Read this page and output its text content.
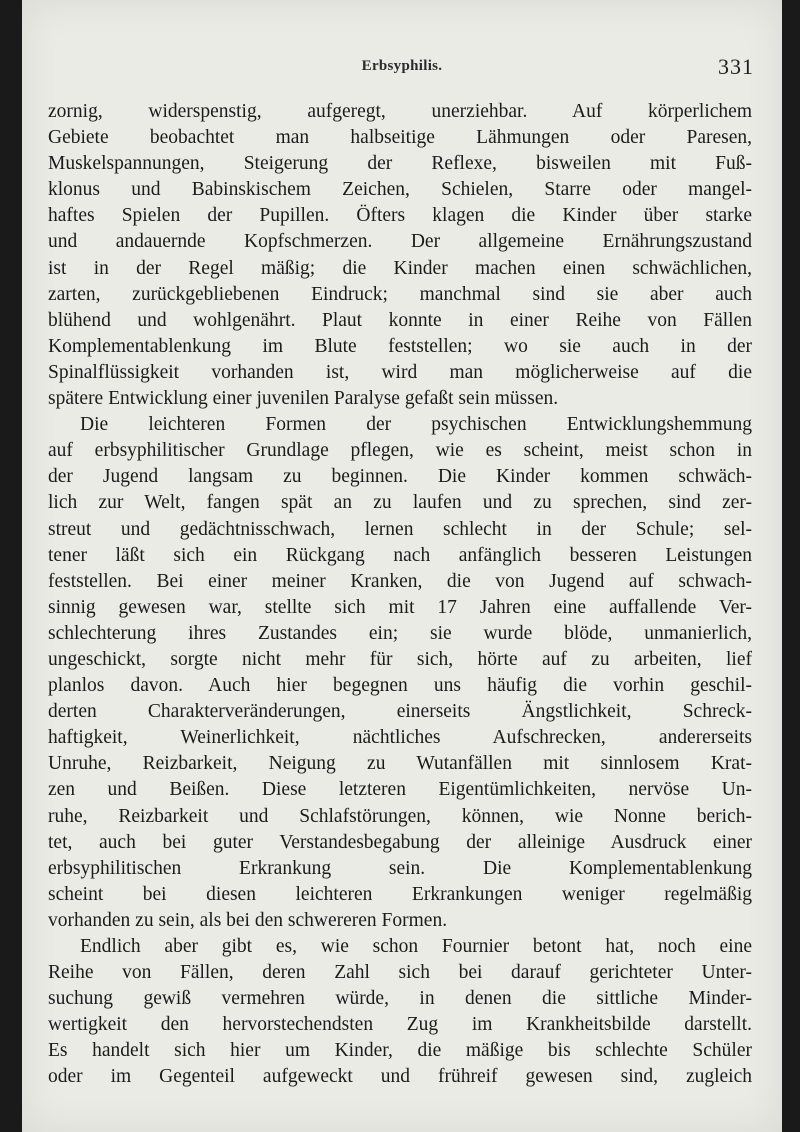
Erbsyphilis.	331
zornig, widerspenstig, aufgeregt, unerziehbar. Auf körperlichem
Gebiete beobachtet man halbseitige Lähmungen oder Paresen,
Muskelspannungen, Steigerung der Reflexe, bisweilen mit Fuß-
klonus und Babinskischem Zeichen, Schielen, Starre oder mangel-
haftes Spielen der Pupillen. Öfters klagen die Kinder über starke
und andauernde Kopfschmerzen. Der allgemeine Ernährungszustand
ist in der Regel mäßig; die Kinder machen einen schwächlichen,
zarten, zurückgebliebenen Eindruck; manchmal sind sie aber auch
blühend und wohlgenährt. Plaut konnte in einer Reihe von Fällen
Komplementablenkung im Blute feststellen; wo sie auch in der
Spinalflüssigkeit vorhanden ist, wird man möglicherweise auf die
spätere Entwicklung einer juvenilen Paralyse gefaßt sein müssen.
Die leichteren Formen der psychischen Entwicklungshemmung
auf erbsyphilitischer Grundlage pflegen, wie es scheint, meist schon in
der Jugend langsam zu beginnen. Die Kinder kommen schwäch-
lich zur Welt, fangen spät an zu laufen und zu sprechen, sind zer-
streut und gedächtnisschwach, lernen schlecht in der Schule; sel-
tener läßt sich ein Rückgang nach anfänglich besseren Leistungen
feststellen. Bei einer meiner Kranken, die von Jugend auf schwach-
sinnig gewesen war, stellte sich mit 17 Jahren eine auffallende Ver-
schlechterung ihres Zustandes ein; sie wurde blöde, unmanierlich,
ungeschickt, sorgte nicht mehr für sich, hörte auf zu arbeiten, lief
planlos davon. Auch hier begegnen uns häufig die vorhin geschil-
derten Charakterveränderungen, einerseits Ängstlichkeit, Schreck-
haftigkeit, Weinerlichkeit, nächtliches Aufschrecken, andererseits
Unruhe, Reizbarkeit, Neigung zu Wutanfällen mit sinnlosem Krat-
zen und Beißen. Diese letzteren Eigentümlichkeiten, nervöse Un-
ruhe, Reizbarkeit und Schlafstörungen, können, wie Nonne berich-
tet, auch bei guter Verstandesbegabung der alleinige Ausdruck einer
erbsyphilitischen Erkrankung sein. Die Komplementablenkung
scheint bei diesen leichteren Erkrankungen weniger regelmäßig
vorhanden zu sein, als bei den schwereren Formen.
Endlich aber gibt es, wie schon Fournier betont hat, noch eine
Reihe von Fällen, deren Zahl sich bei darauf gerichteter Unter-
suchung gewiß vermehren würde, in denen die sittliche Minder-
wertigkeit den hervorstechendsten Zug im Krankheitsbilde darstellt.
Es handelt sich hier um Kinder, die mäßige bis schlechte Schüler
oder im Gegenteil aufgeweckt und frühreif gewesen sind, zugleich
